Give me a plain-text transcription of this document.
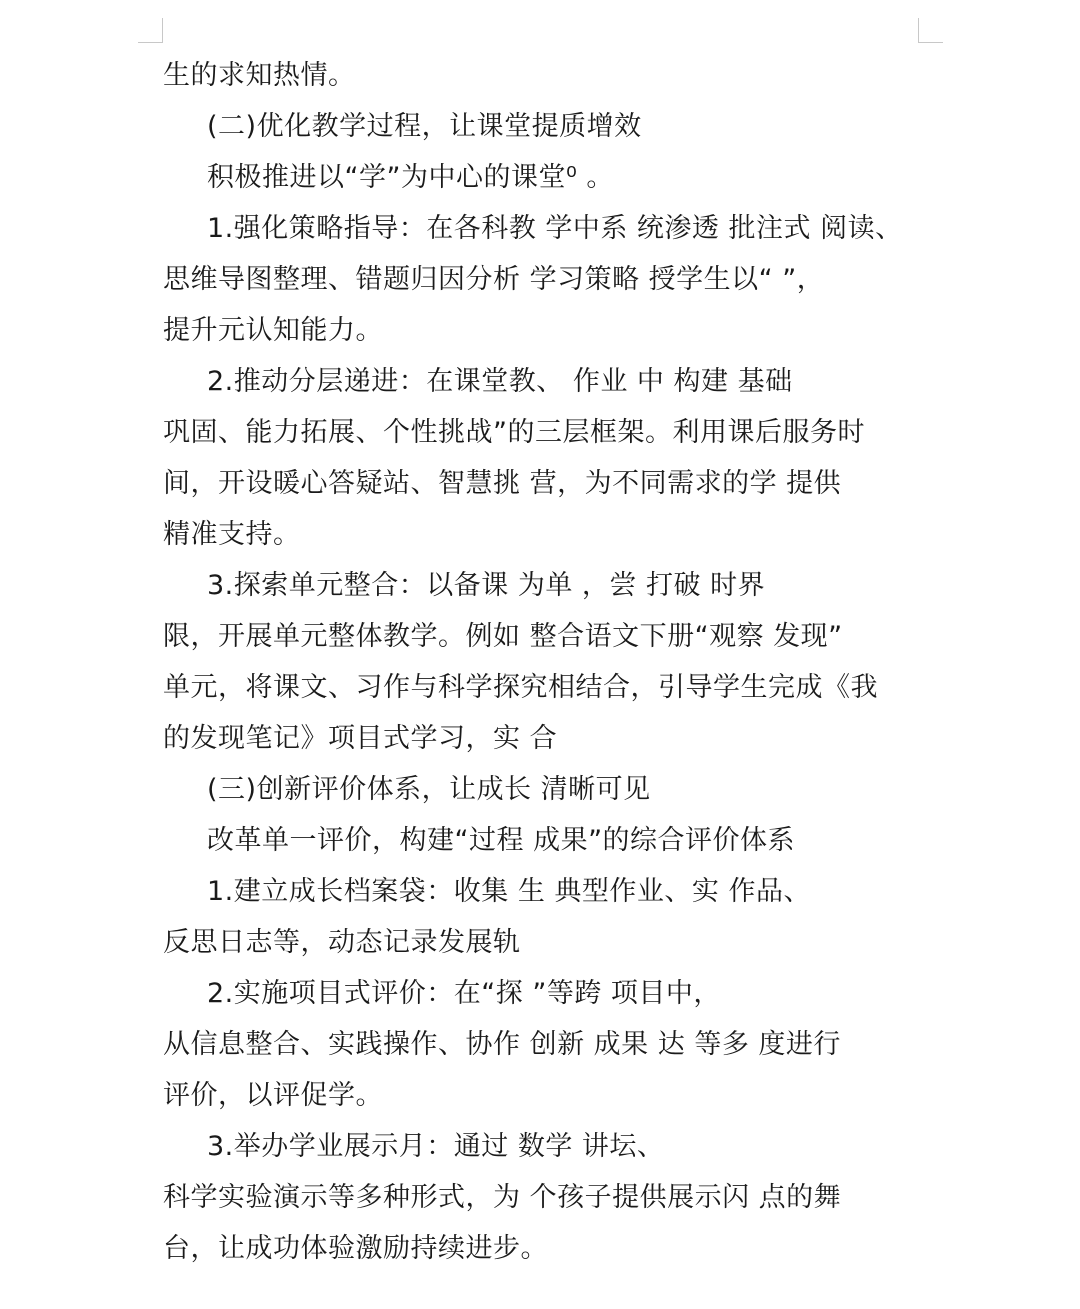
生的求知热情。
(二)优化教学过程，让课堂提质增效
积极推进以“学”为中心的课堂⁰ 。
1.强化策略指导：在各科教 学中系 统渗透 批注式 阅读、
思维导图整理、错题归因分析 学习策略 授学生以“ ”，
提升元认知能力。
2.推动分层递进：在课堂教、 作业 中 构建 基础
巩固、能力拓展、个性挑战”的三层框架。利用课后服务时
间，开设暖心答疑站、智慧挑 营，为不同需求的学 提供
精准支持。
3.探索单元整合：以备课 为单 ，尝 打破 时界
限，开展单元整体教学。例如 整合语文下册“观察 发现”
单元，将课文、习作与科学探究相结合，引导学生完成《我
的发现笔记》项目式学习，实 合
(三)创新评价体系，让成长 清晰可见
改革单一评价，构建“过程 成果”的综合评价体系
1.建立成长档案袋：收集 生 典型作业、实 作品、
反思日志等，动态记录发展轨
2.实施项目式评价：在“探 ”等跨 项目中，
从信息整合、实践操作、协作 创新 成果 达 等多 度进行
评价，以评促学。
3.举办学业展示月：通过 数学 讲坛、
科学实验演示等多种形式，为 个孩子提供展示闪 点的舞
台，让成功体验激励持续进步。
